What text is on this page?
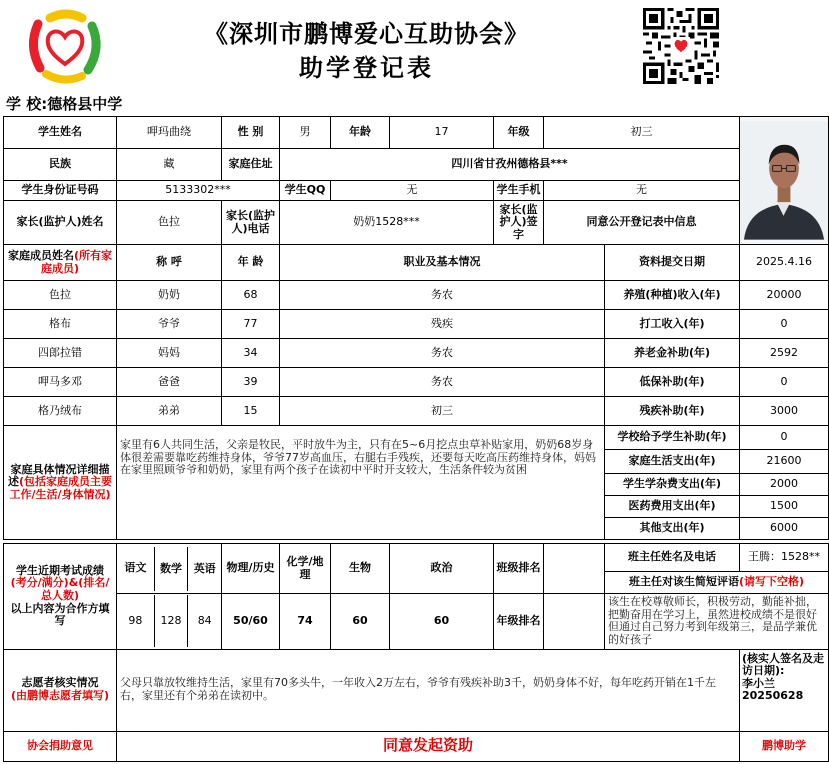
《深圳市鹏博爱心互助协会》
助学登记表
学 校:德格县中学
学生姓名	呷玛曲绕	性 别	男	年龄	17	年级	初三	

民族	藏	家庭住址	四川省甘孜州德格县***						
学生身份证号码	5133302***		学生QQ	无		学生手机	无		
家长(监护人)姓名	色拉	家长(监护人)电话	奶奶1528***			家长(监护人)签字	同意公开登记表中信息		
家庭成员姓名(所有家庭成员)	称 呼	年 龄	职业及基本情况					资料提交日期	2025.4.16
色拉	奶奶	68	务农					养殖(种植)收入(年)	20000
格布	爷爷	77	残疾					打工收入(年)	0
四郎拉错	妈妈	34	务农					养老金补助(年)	2592
呷马多邓	爸爸	39	务农					低保补助(年)	0
格乃绒布	弟弟	15	初三					残疾补助(年)	3000
家庭具体情况详细描述(包括家庭成员主要工作/生活/身体情况)	家里有6人共同生活，父亲是牧民，平时放牛为主，只有在5~6月挖点虫草补贴家用，奶奶68岁身体很差需要靠吃药维持身体，爷爷77岁高血压，右腿右手残疾，还要每天吃高压药维持身体，妈妈在家里照顾爷爷和奶奶，家里有两个孩子在读初中平时开支较大，生活条件较为贫困							学校给予学生补助(年)	0
								家庭生活支出(年)	21600
								学生学杂费支出(年)	2000
								医药费用支出(年)	1500
								其他支出(年)	6000

学生近期考试成绩
(考分/满分)&(排名/总人数)
以上内容为合作方填写	语文 数学 英语	物理/历史	化学/地理	生物	政治	班级排名		班主任姓名及电话	王腾：1528**
								班主任对该生简短评语(请写下空格)	

	98 128 84	50/60	74	60	60	年级排名		该生在校尊敬师长，积极劳动，勤能补拙，把勤奋用在学习上，虽然进校成绩不是很好但通过自己努力考到年级第三，是品学兼优的好孩子	
志愿者核实情况
(由鹏博志愿者填写)	父母只靠放牧维持生活，家里有70多头牛，一年收入2万左右，爷爷有残疾补助3千，奶奶身体不好，每年吃药开销在1千左右，家里还有个弟弟在读初中。								(核实人签名及走访日期):
李小兰
20250628
协会捐助意见	同意发起资助								鹏博助学
